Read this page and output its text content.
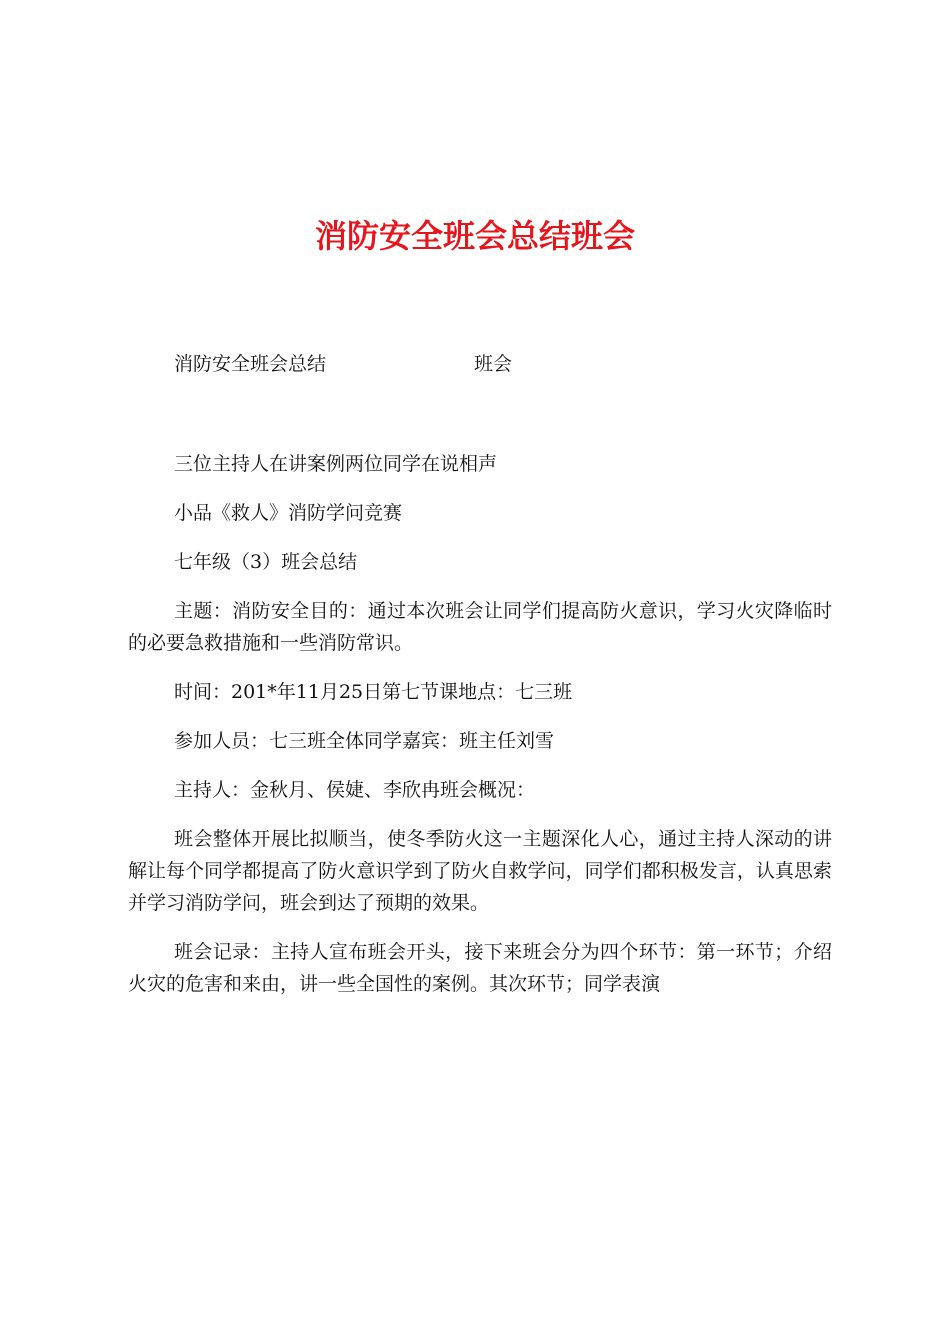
消防安全班会总结班会
消防安全班会总结	班会

三位主持人在讲案例两位同学在说相声

小品《救人》消防学问竞赛

七年级（3）班会总结

主题：消防安全目的：通过本次班会让同学们提高防火意识，学习火灾降临时的必要急救措施和一些消防常识。

时间：201*年11月25日第七节课地点：七三班

参加人员：七三班全体同学嘉宾：班主任刘雪

主持人：金秋月、侯婕、李欣冉班会概况：

班会整体开展比拟顺当，使冬季防火这一主题深化人心，通过主持人深动的讲解让每个同学都提高了防火意识学到了防火自救学问，同学们都积极发言，认真思索并学习消防学问，班会到达了预期的效果。

班会记录：主持人宣布班会开头，接下来班会分为四个环节：第一环节；介绍火灾的危害和来由，讲一些全国性的案例。其次环节；同学表演
